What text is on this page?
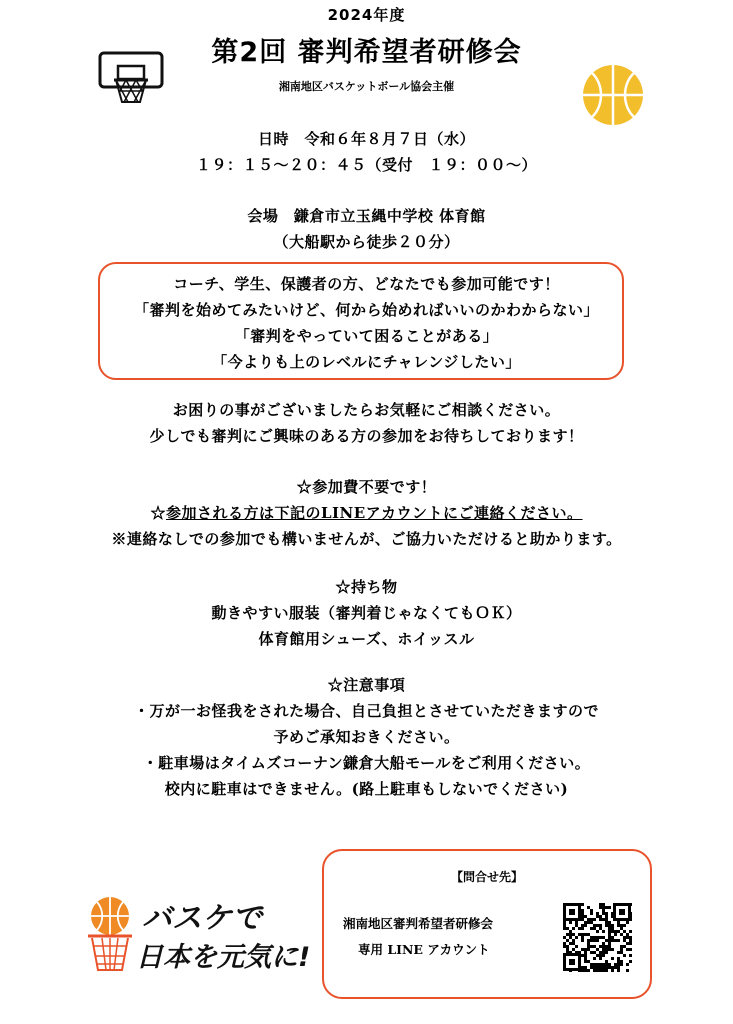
2024年度
第2回 審判希望者研修会
湘南地区バスケットボール協会主催
日時　令和６年８月７日（水）
１９：１５～２０：４５（受付　１９：００～）
会場　鎌倉市立玉縄中学校 体育館
（大船駅から徒歩２０分）
コーチ、学生、保護者の方、どなたでも参加可能です！
「審判を始めてみたいけど、何から始めればいいのかわからない」
「審判をやっていて困ることがある」
「今よりも上のレベルにチャレンジしたい」
お困りの事がございましたらお気軽にご相談ください。
少しでも審判にご興味のある方の参加をお待ちしております！
☆参加費不要です！
☆参加される方は下記のLINEアカウントにご連絡ください。
※連絡なしでの参加でも構いませんが、ご協力いただけると助かります。
☆持ち物
動きやすい服装（審判着じゃなくてもＯＫ）
体育館用シューズ、ホイッスル
☆注意事項
・万が一お怪我をされた場合、自己負担とさせていただきますので
予めご承知おきください。
・駐車場はタイムズコーナン鎌倉大船モールをご利用ください。
校内に駐車はできません。(路上駐車もしないでください)
バスケで
日本を元気に!
【問合せ先】
湘南地区審判希望者研修会
専用 LINE アカウント
